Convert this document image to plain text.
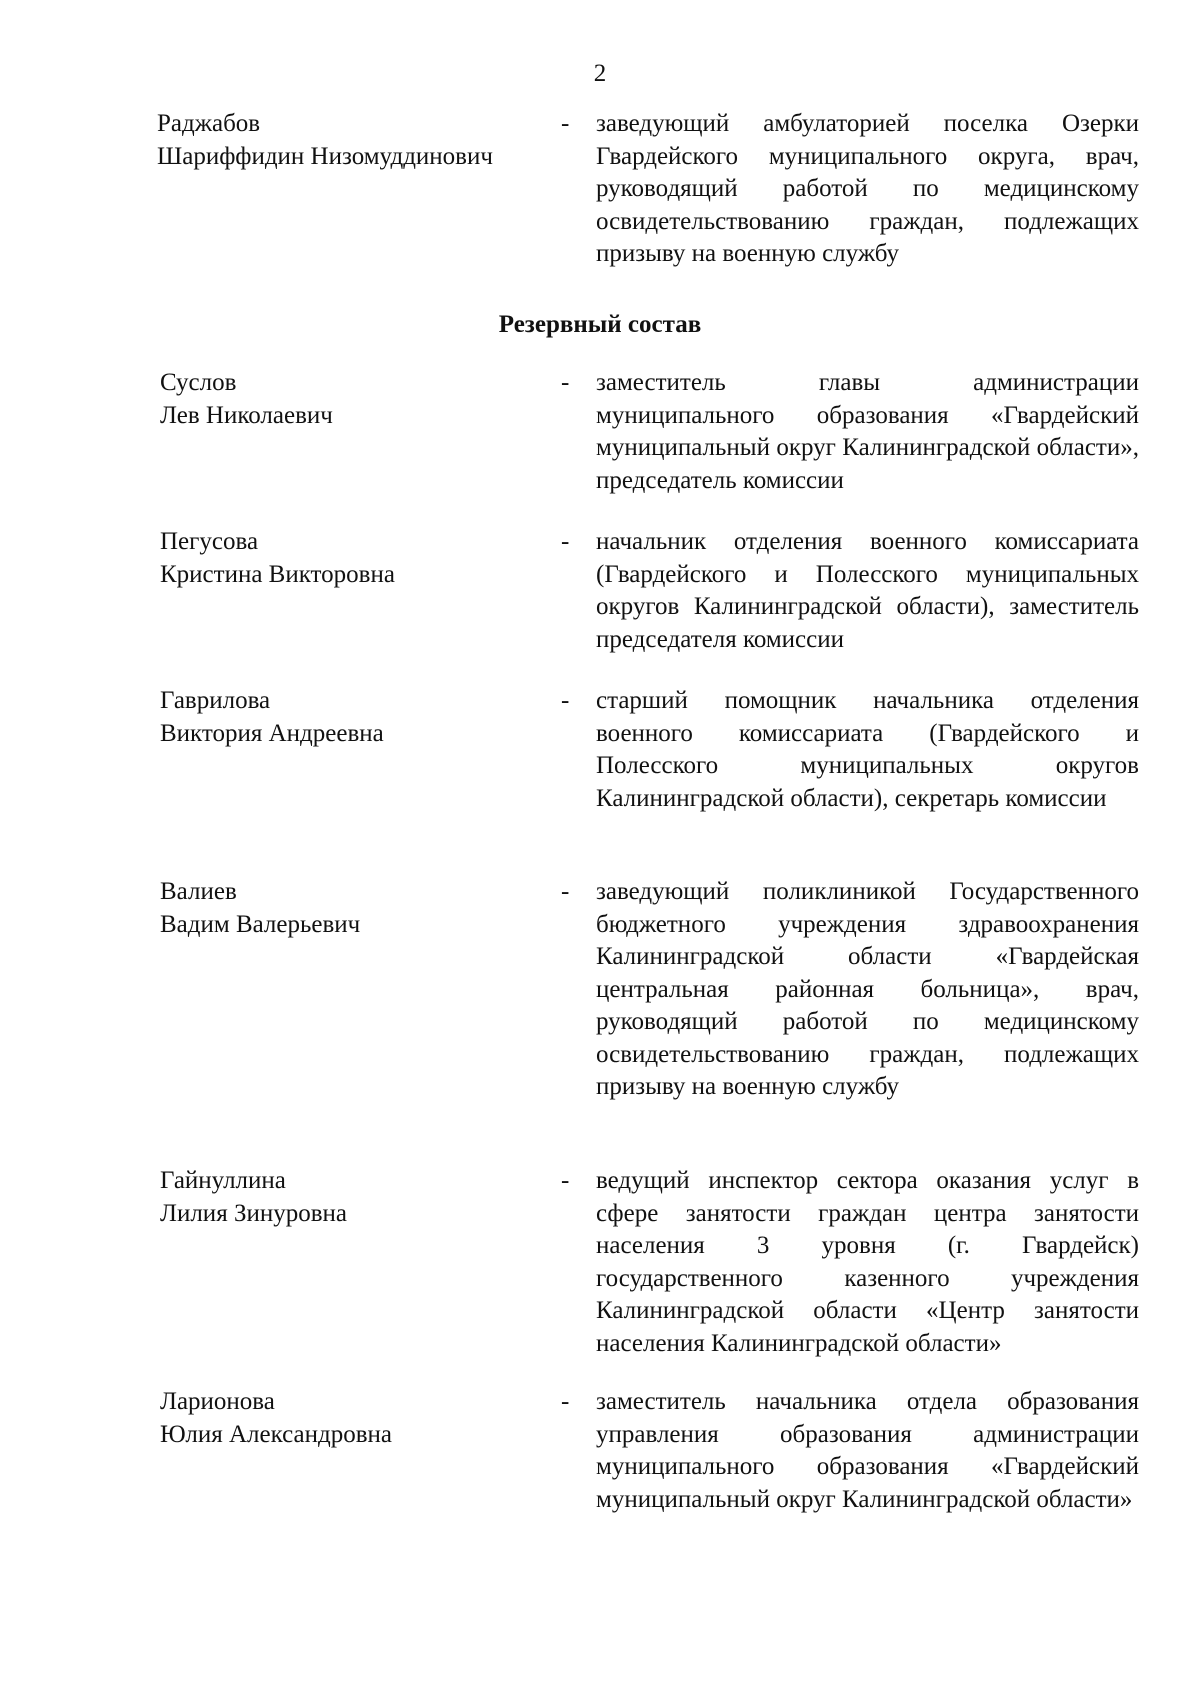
2
Раджабов
Шариффидин Низомуддинович
- заведующий амбулаторией поселка Озерки Гвардейского муниципального округа, врач, руководящий работой по медицинскому освидетельствованию граждан, подлежащих призыву на военную службу
Резервный состав
Суслов
Лев Николаевич
- заместитель главы администрации муниципального образования «Гвардейский муниципальный округ Калининградской области», председатель комиссии
Пегусова
Кристина Викторовна
- начальник отделения военного комиссариата (Гвардейского и Полесского муниципальных округов Калининградской области), заместитель председателя комиссии
Гаврилова
Виктория Андреевна
- старший помощник начальника отделения военного комиссариата (Гвардейского и Полесского муниципальных округов Калининградской области), секретарь комиссии
Валиев
Вадим Валерьевич
- заведующий поликлиникой Государственного бюджетного учреждения здравоохранения Калининградской области «Гвардейская центральная районная больница», врач, руководящий работой по медицинскому освидетельствованию граждан, подлежащих призыву на военную службу
Гайнуллина
Лилия Зинуровна
- ведущий инспектор сектора оказания услуг в сфере занятости граждан центра занятости населения 3 уровня (г. Гвардейск) государственного казенного учреждения Калининградской области «Центр занятости населения Калининградской области»
Ларионова
Юлия Александровна
- заместитель начальника отдела образования управления образования администрации муниципального образования «Гвардейский муниципальный округ Калининградской области»
